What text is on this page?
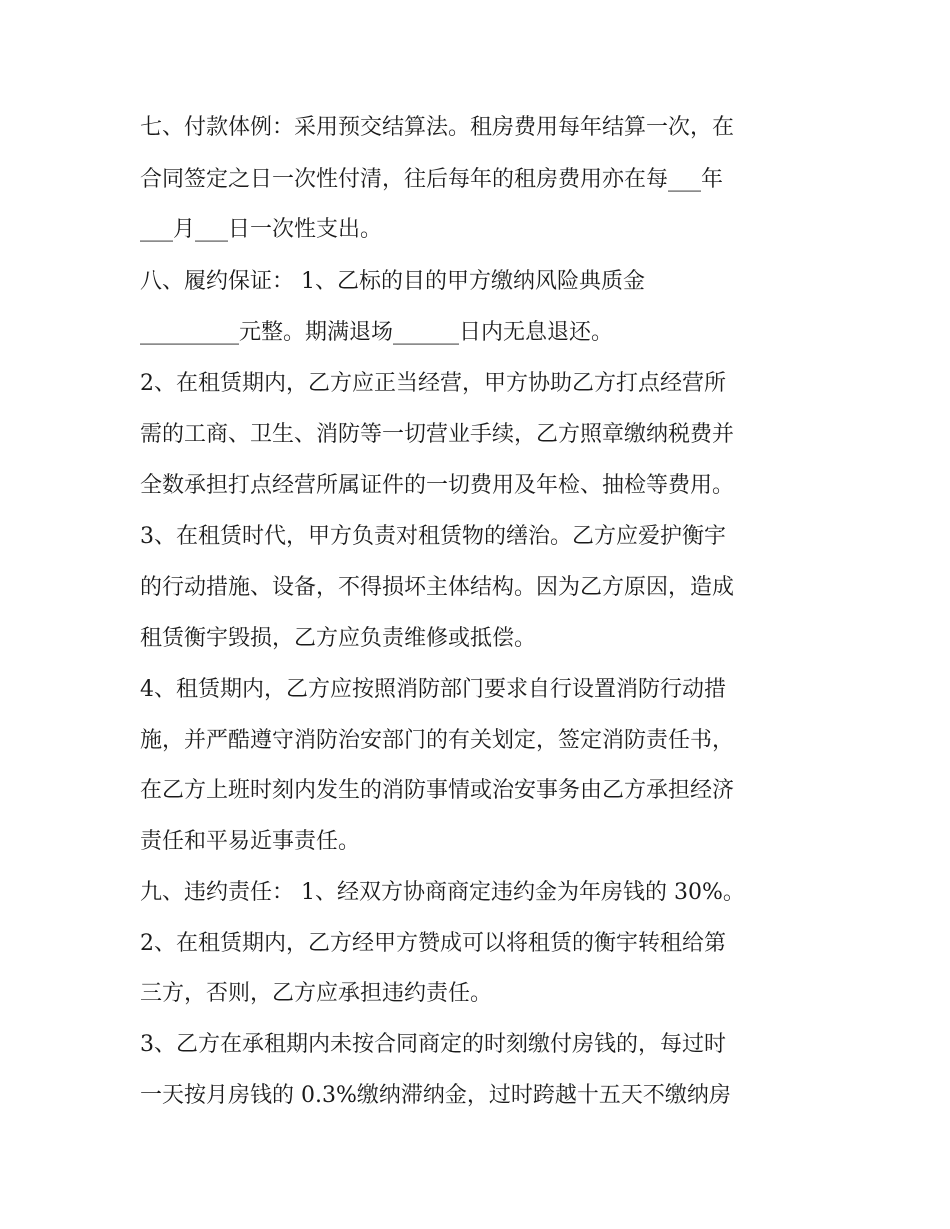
七、付款体例：采用预交结算法。租房费用每年结算一次，在
合同签定之日一次性付清，往后每年的租房费用亦在每___年
___月___日一次性支出。
八、履约保证： 1、乙标的目的甲方缴纳风险典质金
_________元整。期满退场______日内无息退还。
2、在租赁期内，乙方应正当经营，甲方协助乙方打点经营所
需的工商、卫生、消防等一切营业手续，乙方照章缴纳税费并
全数承担打点经营所属证件的一切费用及年检、抽检等费用。
3、在租赁时代，甲方负责对租赁物的缮治。乙方应爱护衡宇
的行动措施、设备，不得损坏主体结构。因为乙方原因，造成
租赁衡宇毁损，乙方应负责维修或抵偿。
4、租赁期内，乙方应按照消防部门要求自行设置消防行动措
施，并严酷遵守消防治安部门的有关划定，签定消防责任书，
在乙方上班时刻内发生的消防事情或治安事务由乙方承担经济
责任和平易近事责任。
九、违约责任： 1、经双方协商商定违约金为年房钱的 30%。
2、在租赁期内，乙方经甲方赞成可以将租赁的衡宇转租给第
三方，否则，乙方应承担违约责任。
3、乙方在承租期内未按合同商定的时刻缴付房钱的，每过时
一天按月房钱的 0.3%缴纳滞纳金，过时跨越十五天不缴纳房
